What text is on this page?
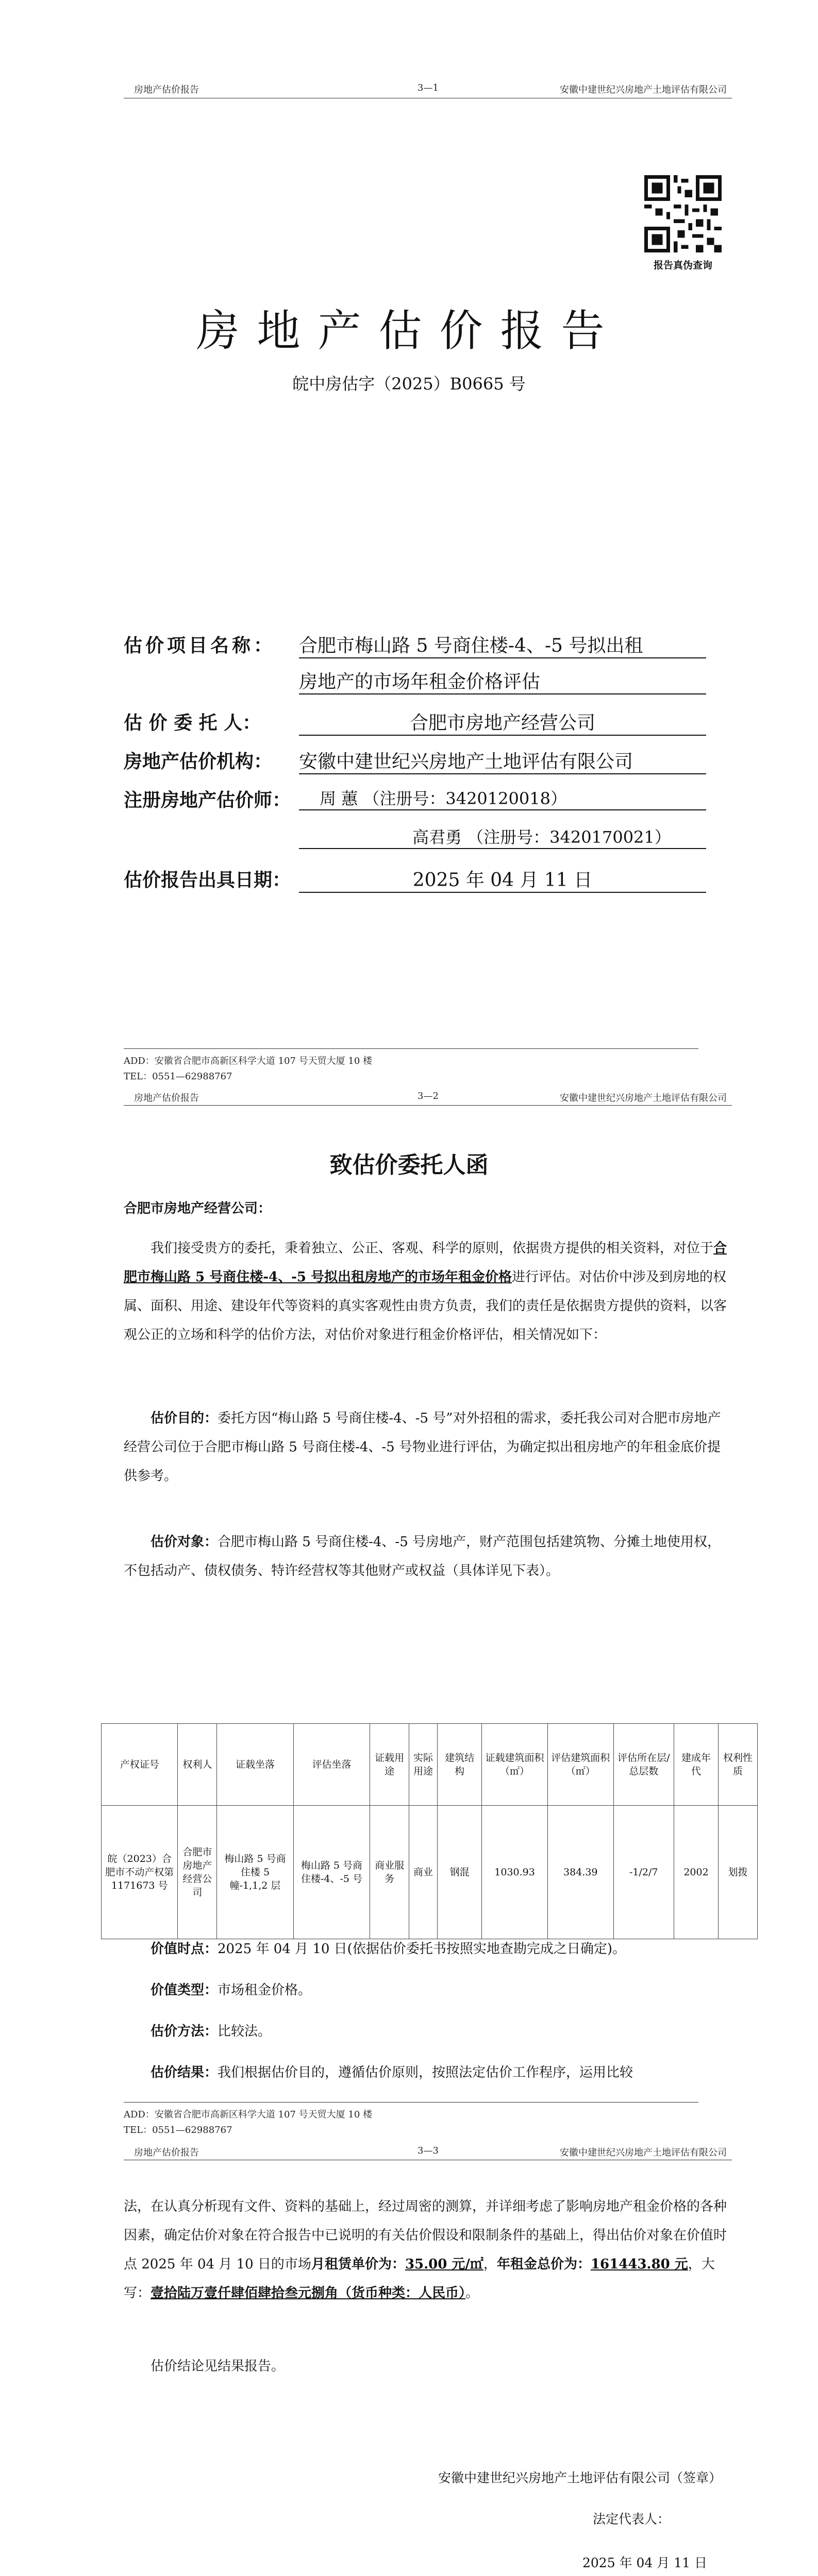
房地产估价报告	3—1	安徽中建世纪兴房地产土地评估有限公司
报告真伪查询
房地产估价报告
皖中房估字（2025）B0665 号
估价项目名称： 合肥市梅山路 5 号商住楼-4、-5 号拟出租
房地产的市场年租金价格评估
估 价 委 托 人：	合肥市房地产经营公司
房地产估价机构： 安徽中建世纪兴房地产土地评估有限公司
注册房地产估价师：	周 蕙 （注册号：3420120018）
高君勇 （注册号：3420170021）
估价报告出具日期：	2025 年 04 月 11 日
ADD：安徽省合肥市高新区科学大道 107 号天贸大厦 10 楼
TEL：0551—62988767
房地产估价报告	3—2	安徽中建世纪兴房地产土地评估有限公司
致估价委托人函
合肥市房地产经营公司：
我们接受贵方的委托，秉着独立、公正、客观、科学的原则，依据贵方提供的相关资料，对位于合肥市梅山路 5 号商住楼-4、-5 号拟出租房地产的市场年租金价格进行评估。对估价中涉及到房地的权属、面积、用途、建设年代等资料的真实客观性由贵方负责，我们的责任是依据贵方提供的资料，以客观公正的立场和科学的估价方法，对估价对象进行租金价格评估，相关情况如下：
估价目的：委托方因“梅山路 5 号商住楼-4、-5 号”对外招租的需求，委托我公司对合肥市房地产经营公司位于合肥市梅山路 5 号商住楼-4、-5 号物业进行评估，为确定拟出租房地产的年租金底价提供参考。
估价对象：合肥市梅山路 5 号商住楼-4、-5 号房地产，财产范围包括建筑物、分摊土地使用权，不包括动产、债权债务、特许经营权等其他财产或权益（具体详见下表）。
产权证号	权利人	证载坐落	评估坐落	证载用途	实际用途	建筑结构	证载建筑面积（㎡）	评估建筑面积（㎡）	评估所在层/总层数	建成年代	权利性质
皖（2023）合肥市不动产权第1171673 号	合肥市房地产经营公司	梅山路 5 号商住楼 5 幢-1,1,2 层	梅山路 5 号商住楼-4、-5 号	商业服务	商业	钢混	1030.93	384.39	-1/2/7	2002	划拨
价值时点：2025 年 04 月 10 日(依据估价委托书按照实地查勘完成之日确定)。
价值类型：市场租金价格。
估价方法：比较法。
估价结果：我们根据估价目的，遵循估价原则，按照法定估价工作程序，运用比较
ADD：安徽省合肥市高新区科学大道 107 号天贸大厦 10 楼
TEL：0551—62988767
房地产估价报告	3—3	安徽中建世纪兴房地产土地评估有限公司
法，在认真分析现有文件、资料的基础上，经过周密的测算，并详细考虑了影响房地产租金价格的各种因素，确定估价对象在符合报告中已说明的有关估价假设和限制条件的基础上，得出估价对象在价值时点 2025 年 04 月 10 日的市场月租赁单价为：35.00 元/㎡，年租金总价为：161443.80 元，大写：壹拾陆万壹仟肆佰肆拾叁元捌角（货币种类：人民币）。
估价结论见结果报告。
安徽中建世纪兴房地产土地评估有限公司（签章）
法定代表人：
2025 年 04 月 11 日
